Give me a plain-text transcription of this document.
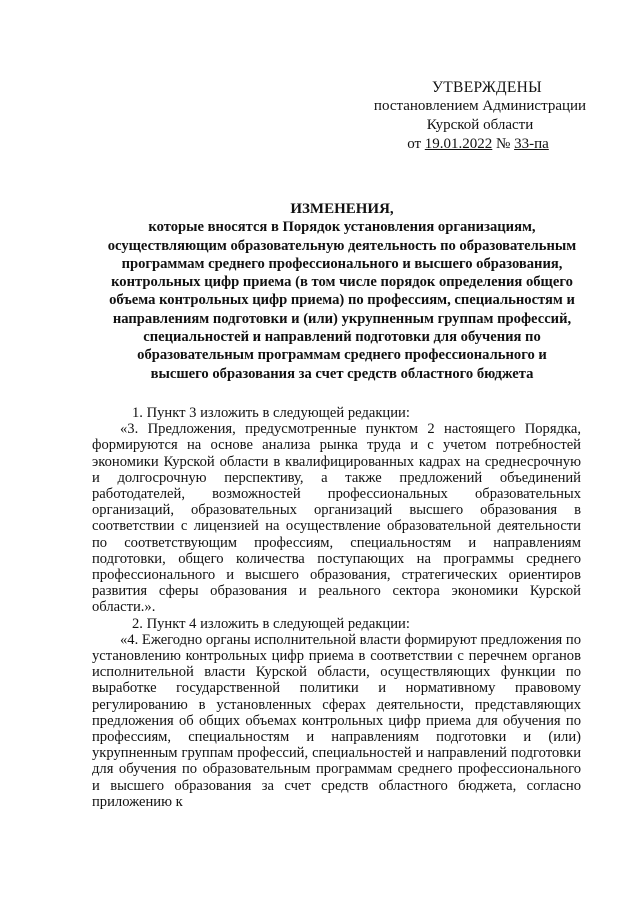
УТВЕРЖДЕНЫ
постановлением Администрации
Курской области
от 19.01.2022 № 33-па
ИЗМЕНЕНИЯ,
которые вносятся в Порядок установления организациям,
осуществляющим образовательную деятельность по образовательным
программам среднего профессионального и высшего образования,
контрольных цифр приема (в том числе порядок определения общего
объема контрольных цифр приема) по профессиям, специальностям и
направлениям подготовки и (или) укрупненным группам профессий,
специальностей и направлений подготовки для обучения по
образовательным программам среднего профессионального и
высшего образования за счет средств областного бюджета

1. Пункт 3 изложить в следующей редакции:

«3. Предложения, предусмотренные пунктом 2 настоящего Порядка, формируются на основе анализа рынка труда и с учетом потребностей экономики Курской области в квалифицированных кадрах на среднесрочную и долгосрочную перспективу, а также предложений объединений работодателей, возможностей профессиональных образовательных организаций, образовательных организаций высшего образования в соответствии с лицензией на осуществление образовательной деятельности по соответствующим профессиям, специальностям и направлениям подготовки, общего количества поступающих на программы среднего профессионального и высшего образования, стратегических ориентиров развития сферы образования и реального сектора экономики Курской области.».

2. Пункт 4 изложить в следующей редакции:

«4. Ежегодно органы исполнительной власти формируют предложения по установлению контрольных цифр приема в соответствии с перечнем органов исполнительной власти Курской области, осуществляющих функции по выработке государственной политики и нормативному правовому регулированию в установленных сферах деятельности, представляющих предложения об общих объемах контрольных цифр приема для обучения по профессиям, специальностям и направлениям подготовки и (или) укрупненным группам профессий, специальностей и направлений подготовки для обучения по образовательным программам среднего профессионального и высшего образования за счет средств областного бюджета, согласно приложению к
